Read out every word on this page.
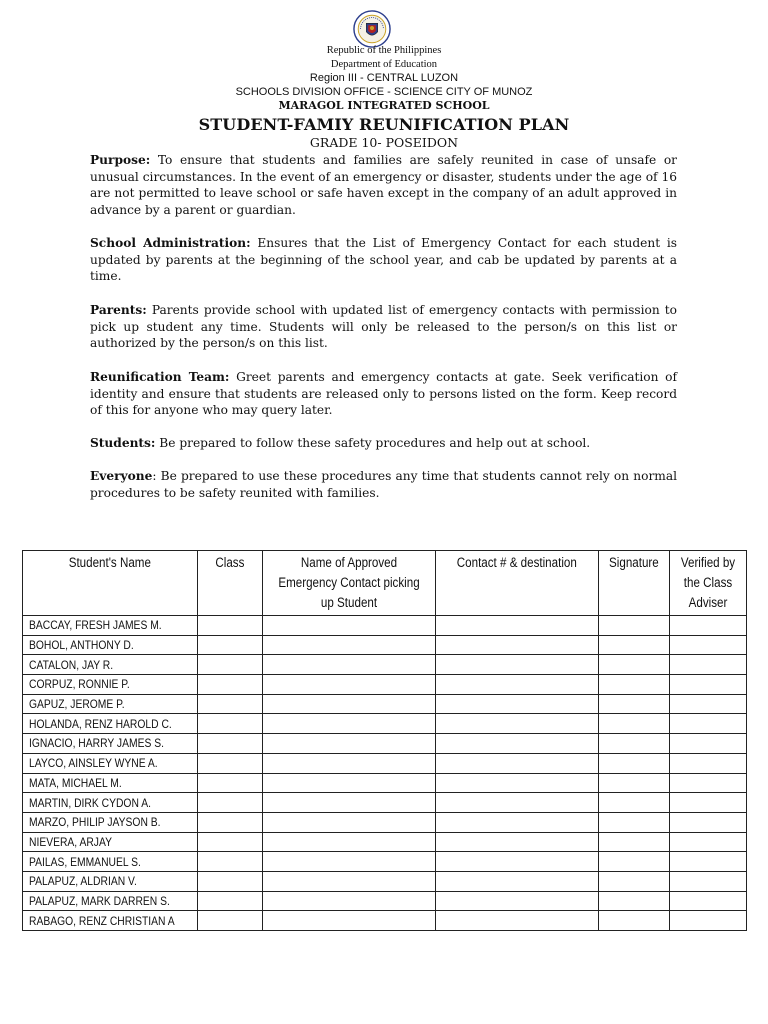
Republic of the Philippines
Department of Education
Region III - CENTRAL LUZON
SCHOOLS DIVISION OFFICE - SCIENCE CITY OF MUNOZ
MARAGOL INTEGRATED SCHOOL
STUDENT-FAMIY REUNIFICATION PLAN
GRADE 10- POSEIDON

Purpose: To ensure that students and families are safely reunited in case of unsafe or unusual circumstances. In the event of an emergency or disaster, students under the age of 16 are not permitted to leave school or safe haven except in the company of an adult approved in advance by a parent or guardian.

School Administration: Ensures that the List of Emergency Contact for each student is updated by parents at the beginning of the school year, and cab be updated by parents at a time.

Parents: Parents provide school with updated list of emergency contacts with permission to pick up student any time. Students will only be released to the person/s on this list or authorized by the person/s on this list.

Reunification Team: Greet parents and emergency contacts at gate. Seek verification of identity and ensure that students are released only to persons listed on the form. Keep record of this for anyone who may query later.

Students: Be prepared to follow these safety procedures and help out at school.

Everyone: Be prepared to use these procedures any time that students cannot rely on normal procedures to be safety reunited with families.

Student's Name	Class	Name of Approved Emergency Contact picking up Student	Contact # & destination	Signature	Verified by the Class Adviser
BACCAY, FRESH JAMES M.					
BOHOL, ANTHONY D.					
CATALON, JAY R.					
CORPUZ, RONNIE P.					
GAPUZ, JEROME P.					
HOLANDA, RENZ HAROLD C.					
IGNACIO, HARRY JAMES S.					
LAYCO, AINSLEY WYNE A.					
MATA, MICHAEL M.					
MARTIN, DIRK CYDON A.					
MARZO, PHILIP JAYSON B.					
NIEVERA, ARJAY					
PAILAS, EMMANUEL S.					
PALAPUZ, ALDRIAN V.					
PALAPUZ, MARK DARREN S.					
RABAGO, RENZ CHRISTIAN A					
